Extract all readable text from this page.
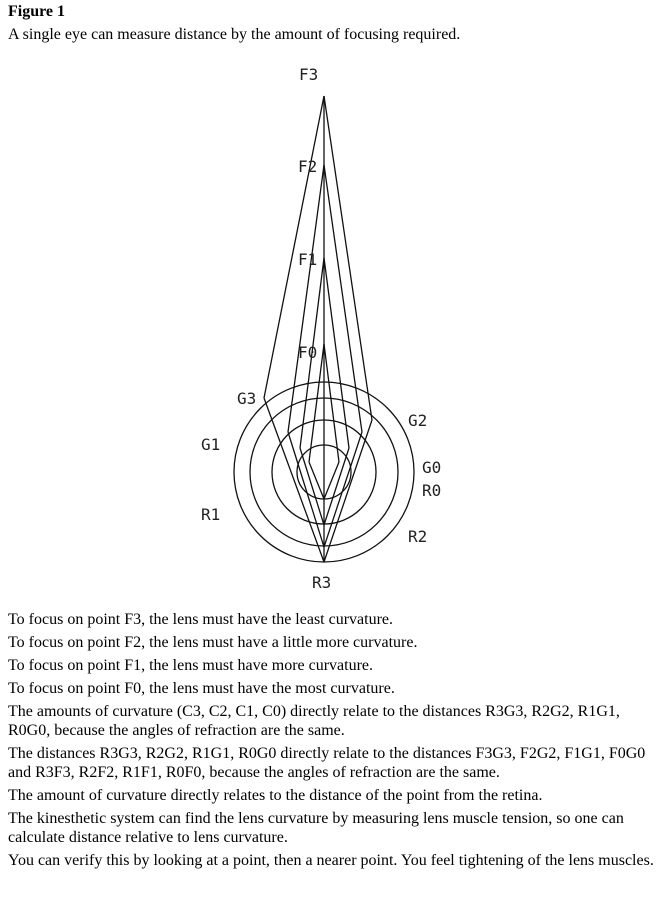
Figure 1
A single eye can measure distance by the amount of focusing required.
F3
F2
F1
F0
G3
G2
G1
G0
R0
R1
R2
R3

To focus on point F3, the lens must have the least curvature.

To focus on point F2, the lens must have a little more curvature.

To focus on point F1, the lens must have more curvature.

To focus on point F0, the lens must have the most curvature.

The amounts of curvature (C3, C2, C1, C0) directly relate to the distances R3G3, R2G2, R1G1, R0G0, because the angles of refraction are the same.

The distances R3G3, R2G2, R1G1, R0G0 directly relate to the distances F3G3, F2G2, F1G1, F0G0 and R3F3, R2F2, R1F1, R0F0, because the angles of refraction are the same.

The amount of curvature directly relates to the distance of the point from the retina.

The kinesthetic system can find the lens curvature by measuring lens muscle tension, so one can calculate distance relative to lens curvature.

You can verify this by looking at a point, then a nearer point. You feel tightening of the lens muscles.
